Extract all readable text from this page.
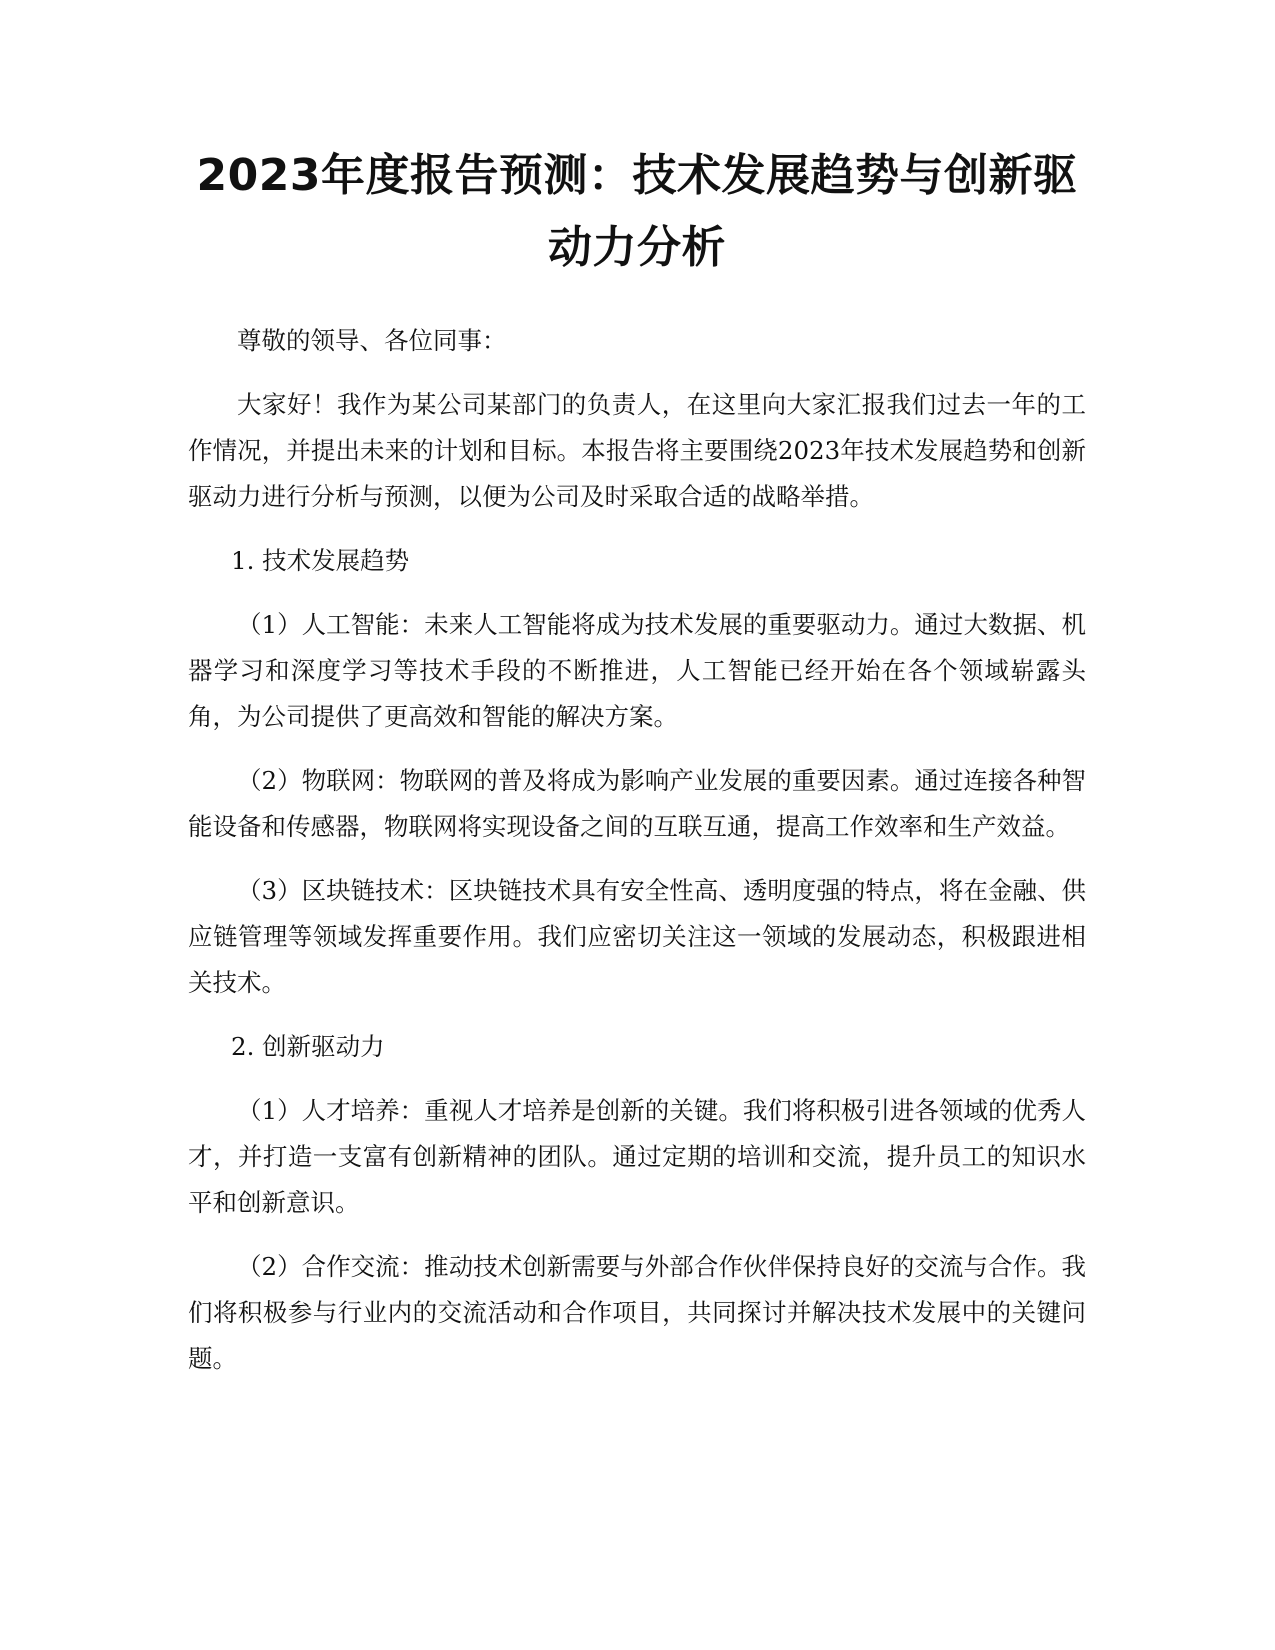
2023年度报告预测：技术发展趋势与创新驱动力分析

尊敬的领导、各位同事：

大家好！我作为某公司某部门的负责人，在这里向大家汇报我们过去一年的工作情况，并提出未来的计划和目标。本报告将主要围绕2023年技术发展趋势和创新驱动力进行分析与预测，以便为公司及时采取合适的战略举措。

1. 技术发展趋势

（1）人工智能：未来人工智能将成为技术发展的重要驱动力。通过大数据、机器学习和深度学习等技术手段的不断推进，人工智能已经开始在各个领域崭露头角，为公司提供了更高效和智能的解决方案。

（2）物联网：物联网的普及将成为影响产业发展的重要因素。通过连接各种智能设备和传感器，物联网将实现设备之间的互联互通，提高工作效率和生产效益。

（3）区块链技术：区块链技术具有安全性高、透明度强的特点，将在金融、供应链管理等领域发挥重要作用。我们应密切关注这一领域的发展动态，积极跟进相关技术。

2. 创新驱动力

（1）人才培养：重视人才培养是创新的关键。我们将积极引进各领域的优秀人才，并打造一支富有创新精神的团队。通过定期的培训和交流，提升员工的知识水平和创新意识。

（2）合作交流：推动技术创新需要与外部合作伙伴保持良好的交流与合作。我们将积极参与行业内的交流活动和合作项目，共同探讨并解决技术发展中的关键问题。
